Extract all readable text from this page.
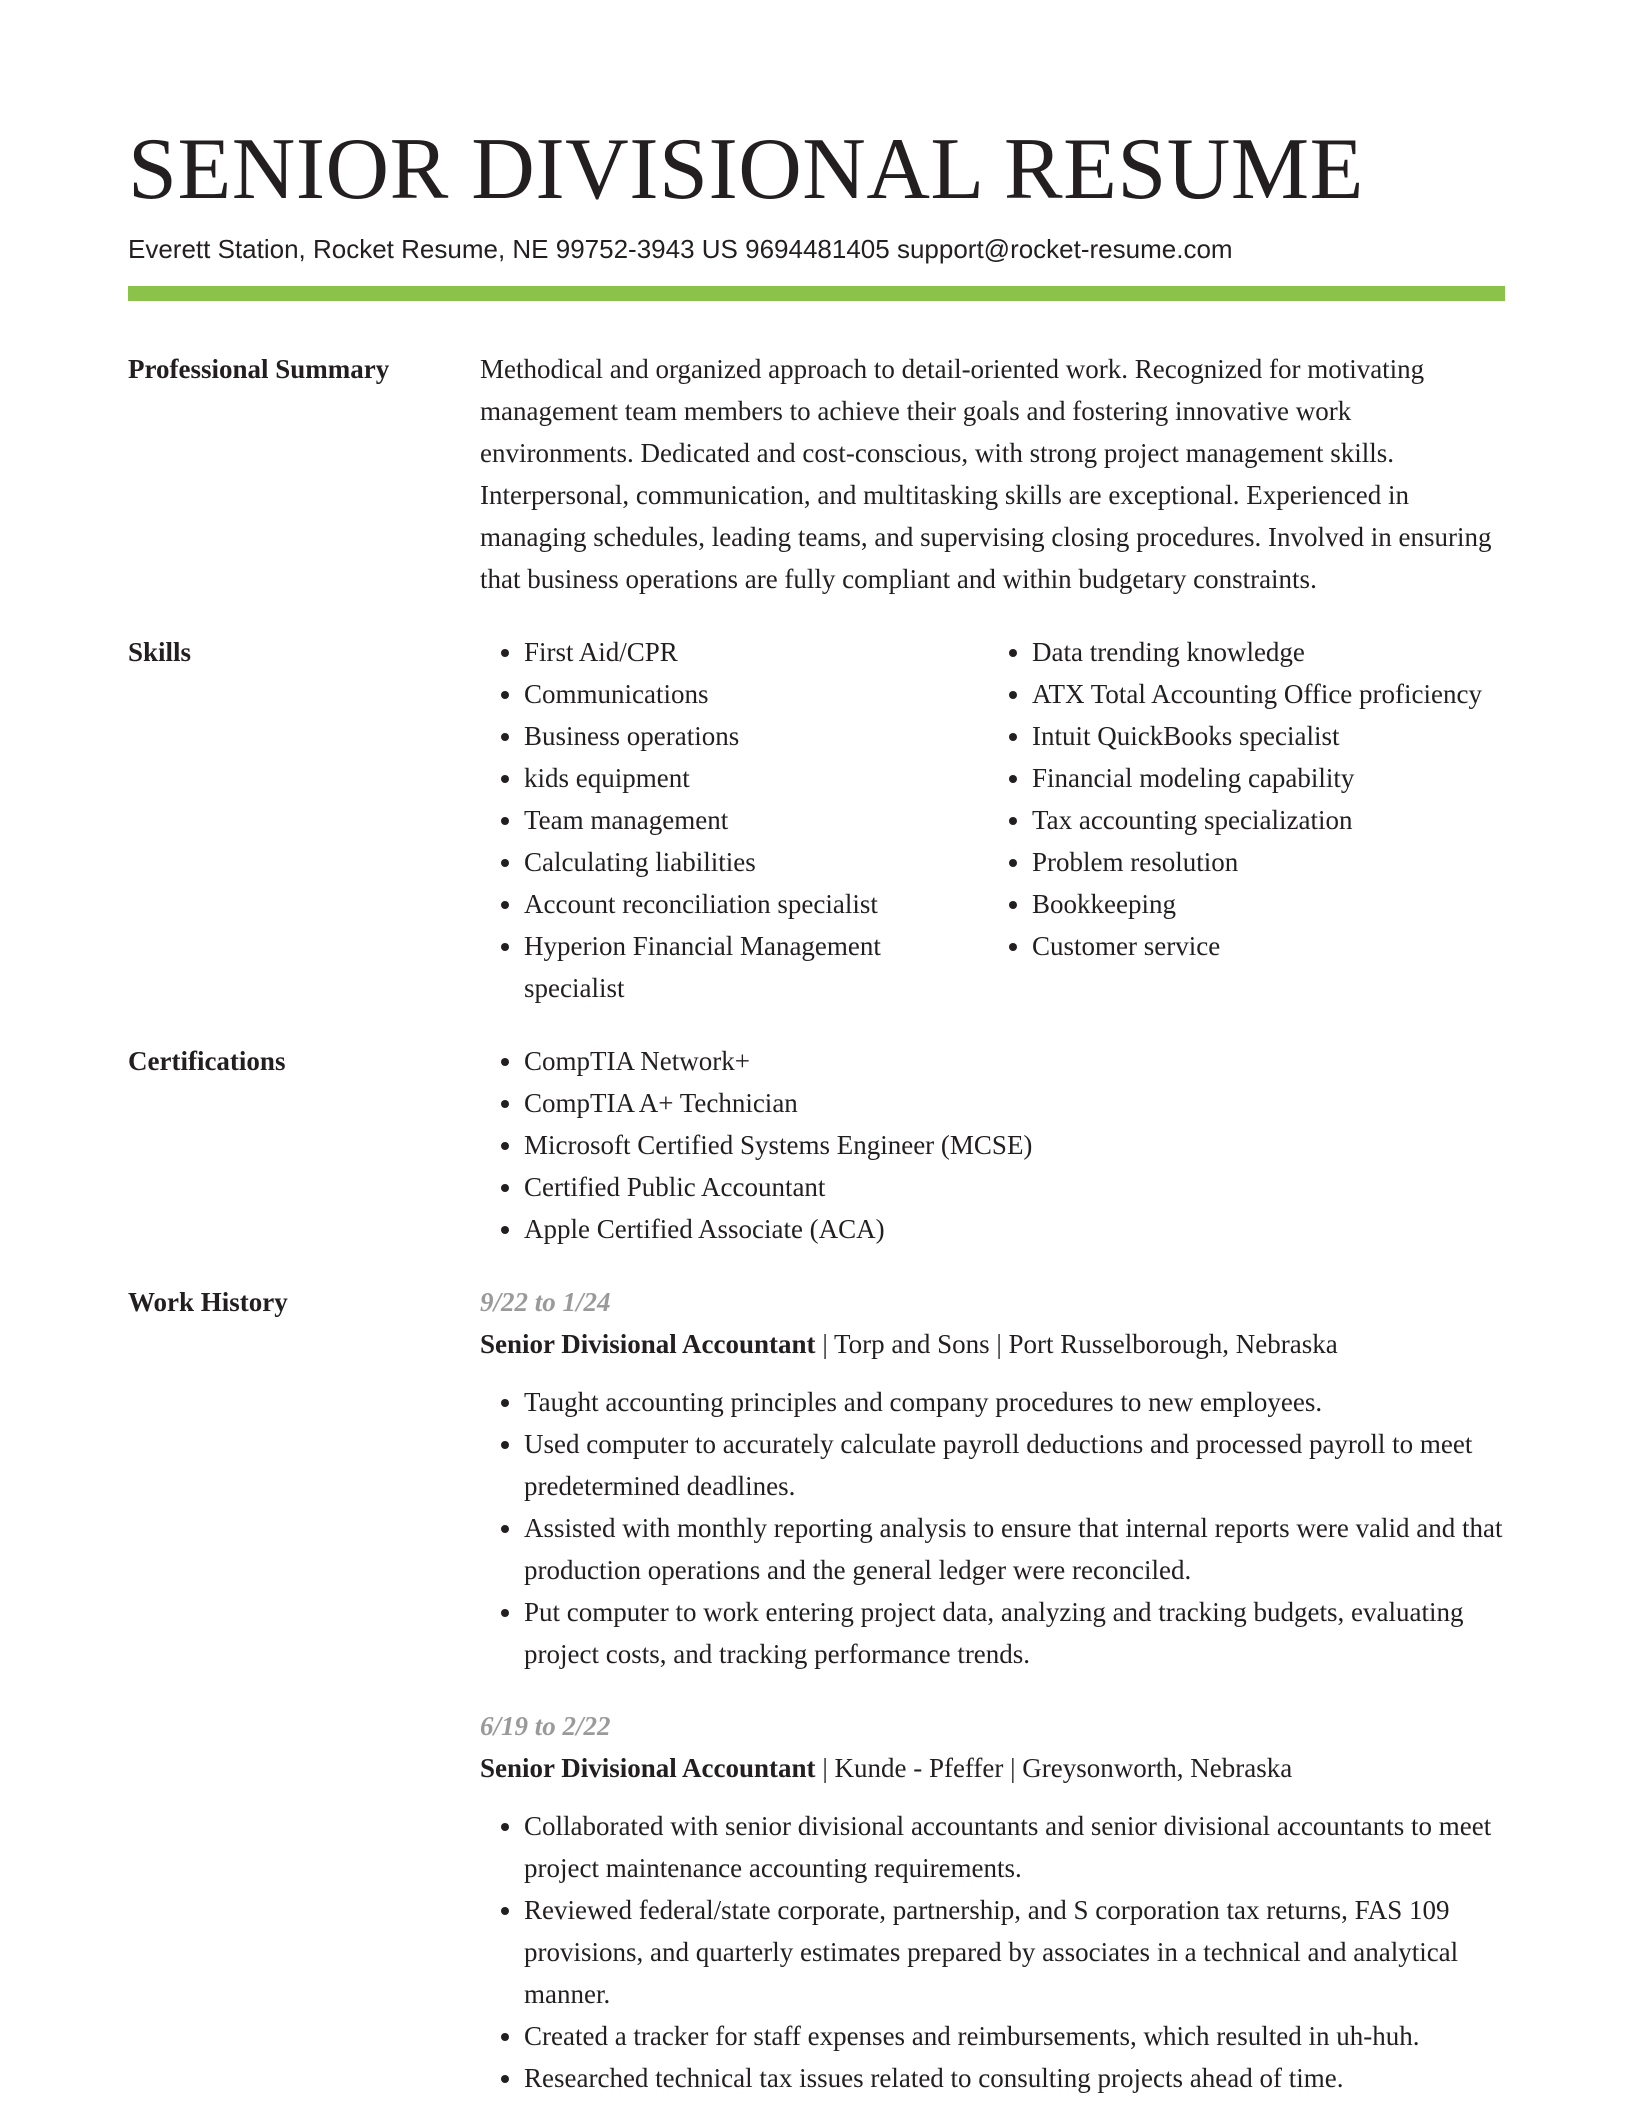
SENIOR DIVISIONAL RESUME
Everett Station, Rocket Resume, NE 99752-3943 US 9694481405 support@rocket-resume.com
Professional Summary	Methodical and organized approach to detail-oriented work. Recognized for motivating management team members to achieve their goals and fostering innovative work environments. Dedicated and cost-conscious, with strong project management skills. Interpersonal, communication, and multitasking skills are exceptional. Experienced in managing schedules, leading teams, and supervising closing procedures. Involved in ensuring that business operations are fully compliant and within budgetary constraints.

Skills	• First Aid/CPR
• Communications
• Business operations
• kids equipment
• Team management
• Calculating liabilities
• Account reconciliation specialist
• Hyperion Financial Management specialist
• Data trending knowledge
• ATX Total Accounting Office proficiency
• Intuit QuickBooks specialist
• Financial modeling capability
• Tax accounting specialization
• Problem resolution
• Bookkeeping
• Customer service
Certifications	• CompTIA Network+
• CompTIA A+ Technician
• Microsoft Certified Systems Engineer (MCSE)
• Certified Public Accountant
• Apple Certified Associate (ACA)
Work History	9/22 to 1/24
Senior Divisional Accountant | Torp and Sons | Port Russelborough, Nebraska
• Taught accounting principles and company procedures to new employees.
• Used computer to accurately calculate payroll deductions and processed payroll to meet predetermined deadlines.
• Assisted with monthly reporting analysis to ensure that internal reports were valid and that production operations and the general ledger were reconciled.
• Put computer to work entering project data, analyzing and tracking budgets, evaluating project costs, and tracking performance trends.
6/19 to 2/22
Senior Divisional Accountant | Kunde - Pfeffer | Greysonworth, Nebraska
• Collaborated with senior divisional accountants and senior divisional accountants to meet project maintenance accounting requirements.
• Reviewed federal/state corporate, partnership, and S corporation tax returns, FAS 109 provisions, and quarterly estimates prepared by associates in a technical and analytical manner.
• Created a tracker for staff expenses and reimbursements, which resulted in uh-huh.
• Researched technical tax issues related to consulting projects ahead of time.
